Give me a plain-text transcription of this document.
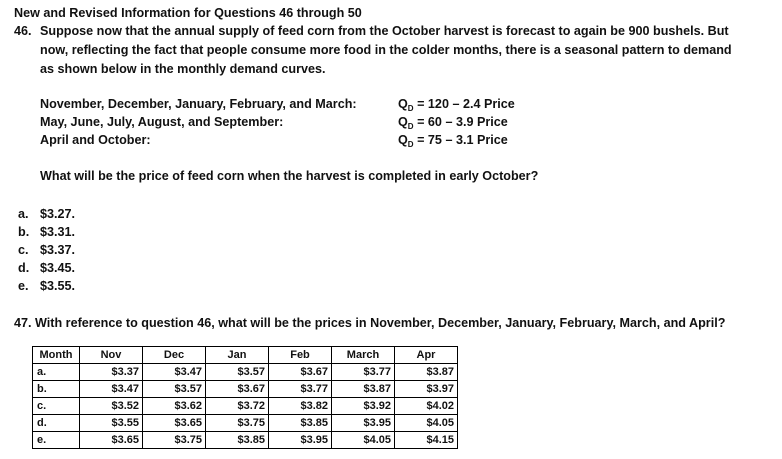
New and Revised Information for Questions 46 through 50
46. Suppose now that the annual supply of feed corn from the October harvest is forecast to again be 900 bushels. But
now, reflecting the fact that people consume more food in the colder months, there is a seasonal pattern to demand
as shown below in the monthly demand curves.
November, December, January, February, and March:	$Q_D = 120 - 2.4$ Price
May, June, July, August, and September:	$Q_D = 60 - 3.9$ Price
April and October:	$Q_D = 75 - 3.1$ Price
What will be the price of feed corn when the harvest is completed in early October?
a. $3.27.
b. $3.31.
c. $3.37.
d. $3.45.
e. $3.55.
47. With reference to question 46, what will be the prices in November, December, January, February, March, and April?
Month	Nov	Dec	Jan	Feb	March	Apr
a.	$3.37	$3.47	$3.57	$3.67	$3.77	$3.87
b.	$3.47	$3.57	$3.67	$3.77	$3.87	$3.97
c.	$3.52	$3.62	$3.72	$3.82	$3.92	$4.02
d.	$3.55	$3.65	$3.75	$3.85	$3.95	$4.05
e.	$3.65	$3.75	$3.85	$3.95	$4.05	$4.15
